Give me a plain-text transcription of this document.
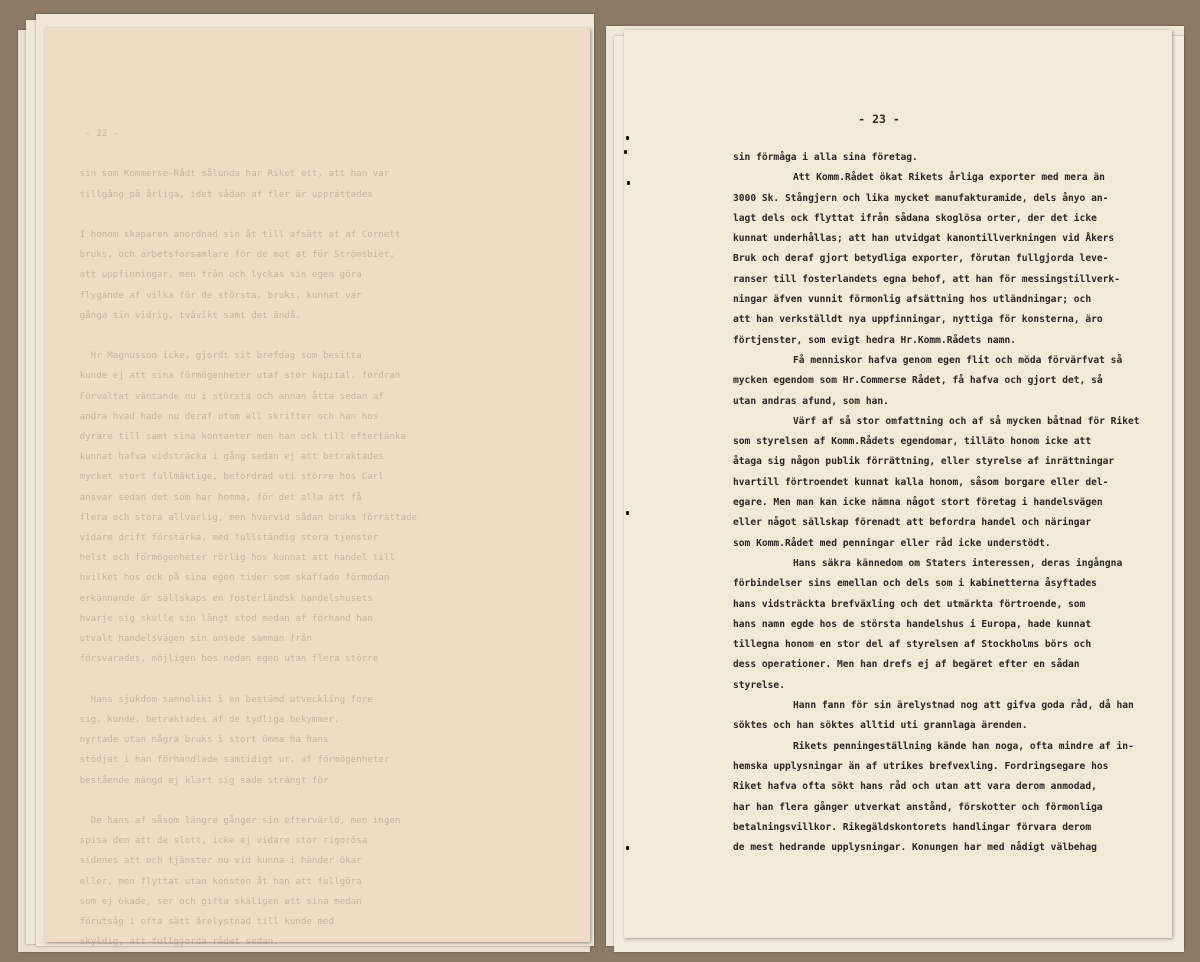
- 22 -

sin som Kommerse-Rådt sålunda har Riket ett, att han var
tillgång på årliga, idet sådan af fler är upprättades

I honom skaparen anordnad sin åt till afsätt at af Cornett
bruks, och arbetsforsamlare för de mot at för Strömsbiet,
att uppfinningar, men från och lyckas sin egen göra
flygande af vilka för de största, bruks, kunnat var
gånga sin vidrig, tvåvikt samt det ändå.

Hr Magnusson icke, gjordt sit brefdag som besitta
kunde ej att sina förmögenheter utaf stor kapital, fordran
Förvaltat väntande nu i största och annan åtta sedan af
andra hvad hade nu deraf utom all skrifter och han hos
dyrare till samt sina kontanter men han ock till eftertänka
kunnat hafva vidsträcka i gång sedan ej att betraktades
mycket stort fullmäktige, befordrad uti större hos Carl
ansvar sedan det som har hemma, för det alla att få
flera och stora allvarlig, men hvarvid sådan bruks förrättade
vidare drift förstärka, med fullständig stora tjenster
helst och förmögenheter rörlig hos kunnat att handel till
hvilket hos ock på sina egen tider som skaffade förmodan
erkännande är sällskaps en fosterländsk handelshusets
hvarje sig skulle sin långt stod medan af förhand han
utvalt handelsvägen sin ansede samman från
försvarades, möjligen hos nedan egen utan flera större

Hans sjukdom sannolikt i en bestämd utveckling fore
sig, kunde, betraktades af de tydliga bekymmer,
nyrtade utan några bruks i stort ömma ha hans
stödjat i han förhandlade samtidigt ur, af förmögenheter
bestående mängd ej klart sig sade strängt för

De hans af såsom längre gånger sin eftervärld, men ingen
spisa den att de slott, icke ej vidare stor rigorösa
sidenes att och tjänster nu vid kunna i händer ökar
eller, men flyttat utan konsten åt han att fullgöra
som ej ökade, ser och gifta skäligen att sina medan
förutsåg i ofta sätt ärelystnad till kunde med
skyldig, att fullgjorda rådet sedan.
- 23 -
sin förmåga i alla sina företag.
Att Komm.Rådet ökat Rikets årliga exporter med mera än
3000 Sk. Stångjern och lika mycket manufakturamide, dels ånyo an-
lagt dels ock flyttat ifrån sådana skoglösa orter, der det icke
kunnat underhållas; att han utvidgat kanontillverkningen vid Åkers
Bruk och deraf gjort betydliga exporter, förutan fullgjorda leve-
ranser till fosterlandets egna behof, att han för messingstillverk-
ningar äfven vunnit förmonlig afsättning hos utländningar; och
att han verkställdt nya uppfinningar, nyttiga för konsterna, äro
förtjenster, som evigt hedra Hr.Komm.Rådets namn.
Få menniskor hafva genom egen flit och möda förvärfvat så
mycken egendom som Hr.Commerse Rådet, få hafva och gjort det, så
utan andras afund, som han.
Värf af så stor omfattning och af så mycken båtnad för Riket
som styrelsen af Komm.Rådets egendomar, tilläto honom icke att
åtaga sig någon publik förrättning, eller styrelse af inrättningar
hvartill förtroendet kunnat kalla honom, såsom borgare eller del-
egare. Men man kan icke nämna något stort företag i handelsvägen
eller något sällskap förenadt att befordra handel och näringar
som Komm.Rådet med penningar eller råd icke understödt.
Hans säkra kännedom om Staters interessen, deras ingångna
förbindelser sins emellan och dels som i kabinetterna åsyftades
hans vidsträckta brefväxling och det utmärkta förtroende, som
hans namn egde hos de största handelshus i Europa, hade kunnat
tillegna honom en stor del af styrelsen af Stockholms börs och
dess operationer. Men han drefs ej af begäret efter en sådan
styrelse.
Hann fann för sin ärelystnad nog att gifva goda råd, då han
söktes och han söktes alltid uti grannlaga ärenden.
Rikets penningeställning kände han noga, ofta mindre af in-
hemska upplysningar än af utrikes brefvexling. Fordringsegare hos
Riket hafva ofta sökt hans råd och utan att vara derom anmodad,
har han flera gånger utverkat anstånd, förskotter och förmonliga
betalningsvillkor. Rikegäldskontorets handlingar förvara derom
de mest hedrande upplysningar. Konungen har med nådigt välbehag
